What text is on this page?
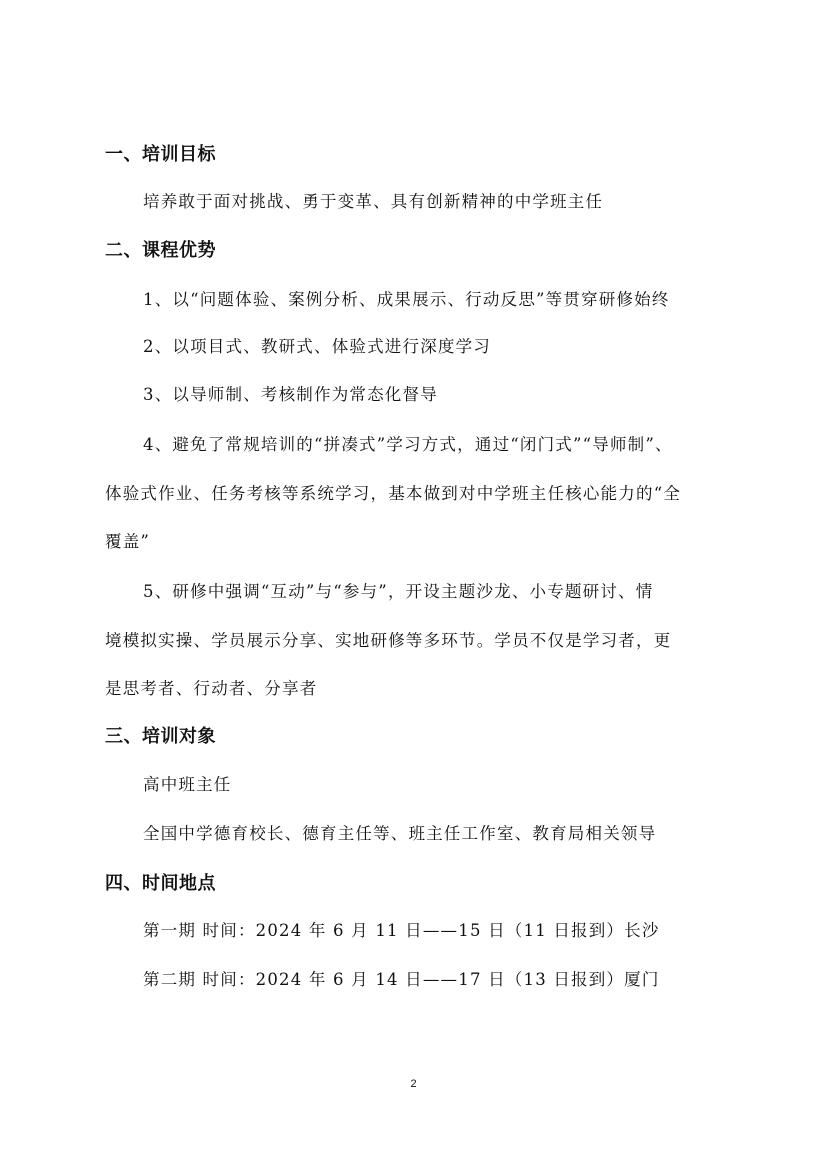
一、培训目标
培养敢于面对挑战、勇于变革、具有创新精神的中学班主任
二、课程优势
1、以“问题体验、案例分析、成果展示、行动反思”等贯穿研修始终
2、以项目式、教研式、体验式进行深度学习
3、以导师制、考核制作为常态化督导
4、避免了常规培训的“拼凑式”学习方式，通过“闭门式”“导师制”、
体验式作业、任务考核等系统学习，基本做到对中学班主任核心能力的“全
覆盖”
5、研修中强调“互动”与“参与”，开设主题沙龙、小专题研讨、情
境模拟实操、学员展示分享、实地研修等多环节。学员不仅是学习者，更
是思考者、行动者、分享者
三、培训对象
高中班主任
全国中学德育校长、德育主任等、班主任工作室、教育局相关领导
四、时间地点
第一期 时间：2024 年 6 月 11 日——15 日（11 日报到）长沙
第二期 时间：2024 年 6 月 14 日——17 日（13 日报到）厦门
2
